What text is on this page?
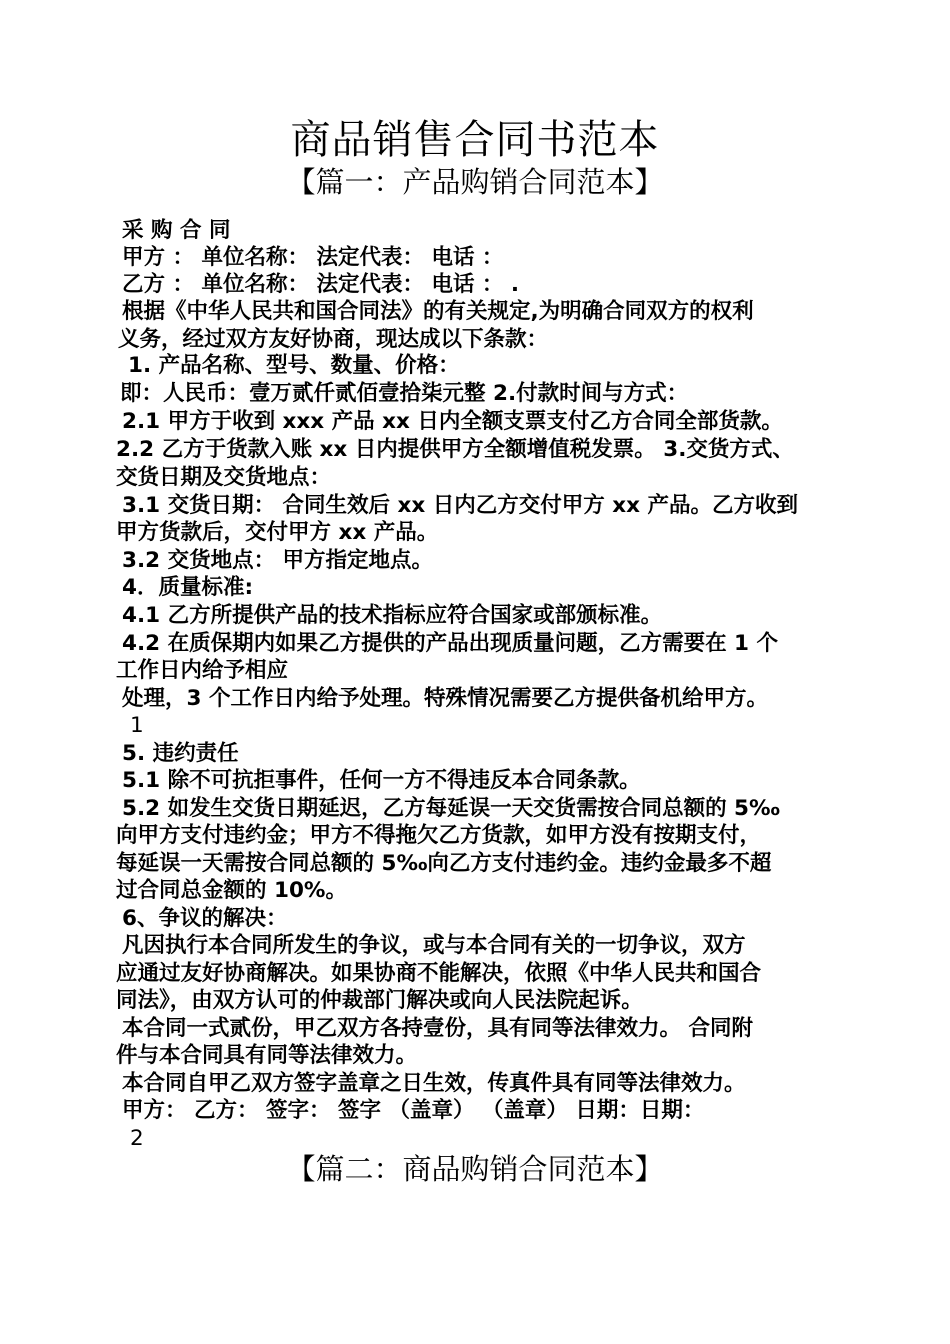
商品销售合同书范本
【篇一：产品购销合同范本】
采 购 合 同
甲方 ： 单位名称： 法定代表： 电话 ：
乙方 ： 单位名称： 法定代表： 电话 ： .
根据《中华人民共和国合同法》的有关规定,为明确合同双方的权利
义务，经过双方友好协商，现达成以下条款：
1. 产品名称、型号、数量、价格：
即：人民币：壹万贰仟贰佰壹拾柒元整 2.付款时间与方式：
2.1 甲方于收到 xxx 产品 xx 日内全额支票支付乙方合同全部货款。
2.2 乙方于货款入账 xx 日内提供甲方全额增值税发票。 3.交货方式、
交货日期及交货地点：
3.1 交货日期： 合同生效后 xx 日内乙方交付甲方 xx 产品。乙方收到
甲方货款后，交付甲方 xx 产品。
3.2 交货地点： 甲方指定地点。
4．质量标准:
4.1 乙方所提供产品的技术指标应符合国家或部颁标准。
4.2 在质保期内如果乙方提供的产品出现质量问题，乙方需要在 1 个
工作日内给予相应
处理，3 个工作日内给予处理。特殊情况需要乙方提供备机给甲方。
1
5. 违约责任
5.1 除不可抗拒事件，任何一方不得违反本合同条款。
5.2 如发生交货日期延迟，乙方每延误一天交货需按合同总额的 5‰
向甲方支付违约金；甲方不得拖欠乙方货款，如甲方没有按期支付，
每延误一天需按合同总额的 5‰向乙方支付违约金。违约金最多不超
过合同总金额的 10%。
6、争议的解决：
凡因执行本合同所发生的争议，或与本合同有关的一切争议，双方
应通过友好协商解决。如果协商不能解决，依照《中华人民共和国合
同法》，由双方认可的仲裁部门解决或向人民法院起诉。
本合同一式贰份，甲乙双方各持壹份，具有同等法律效力。 合同附
件与本合同具有同等法律效力。
本合同自甲乙双方签字盖章之日生效，传真件具有同等法律效力。
甲方： 乙方： 签字： 签字 （盖章） （盖章） 日期：日期：
2
【篇二：商品购销合同范本】
